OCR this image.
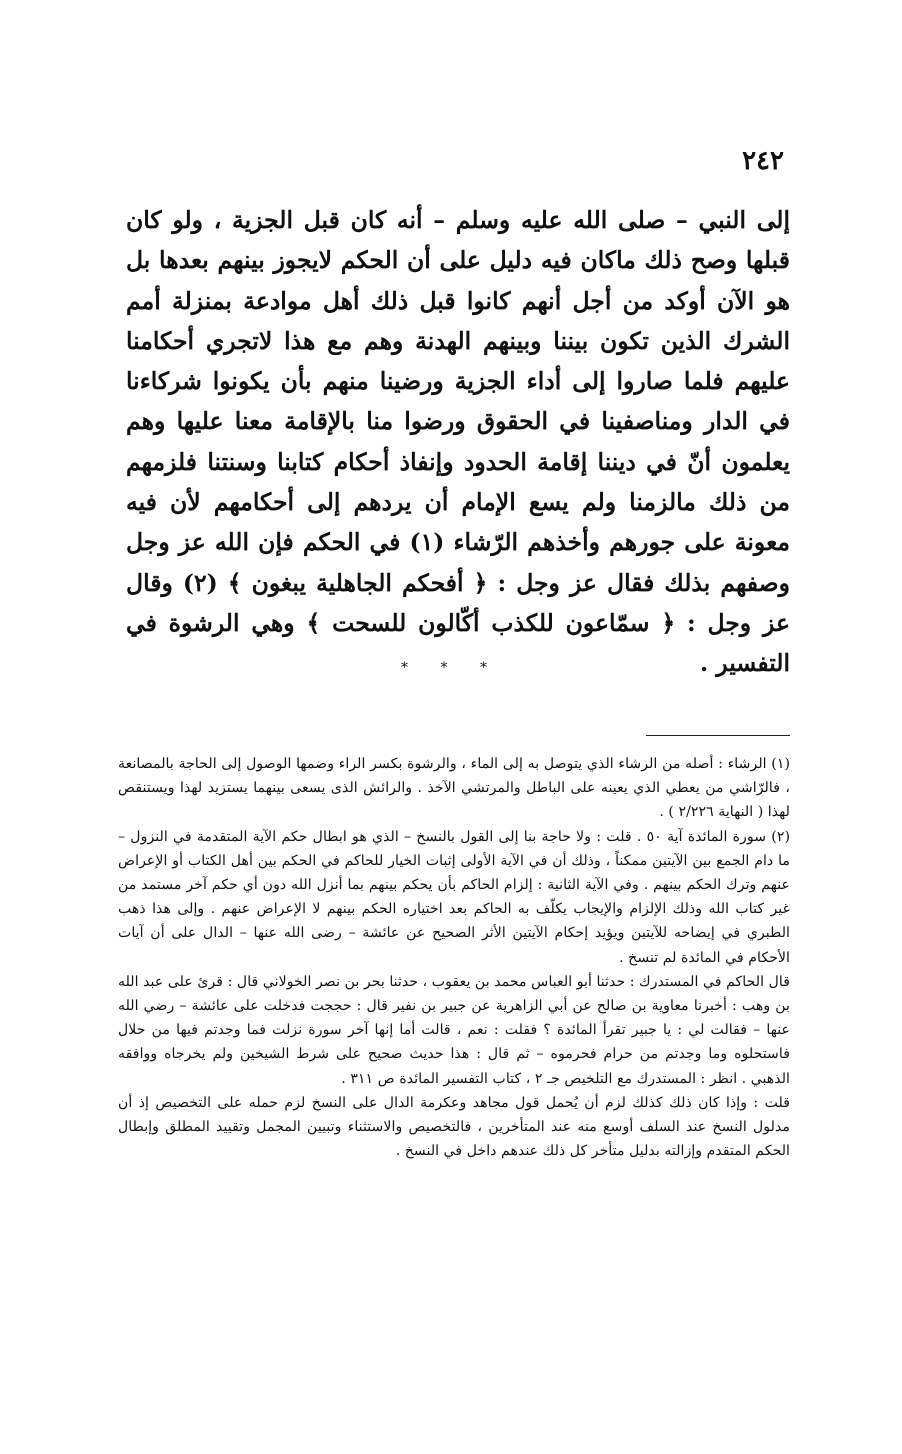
٢٤٢

إلى النبي – صلى الله عليه وسلم – أنه كان قبل الجزية ، ولو كان قبلها وصح ذلك ماكان فيه دليل على أن الحكم لايجوز بينهم بعدها بل هو الآن أوكد من أجل أنهم كانوا قبل ذلك أهل موادعة بمنزلة أمم الشرك الذين تكون بيننا وبينهم الهدنة وهم مع هذا لاتجري أحكامنا عليهم فلما صاروا إلى أداء الجزية ورضينا منهم بأن يكونوا شركاءنا في الدار ومناصفينا في الحقوق ورضوا منا بالإقامة معنا عليها وهم يعلمون أنّ في ديننا إقامة الحدود وإنفاذ أحكام كتابنا وسنتنا فلزمهم من ذلك مالزمنا ولم يسع الإمام أن يردهم إلى أحكامهم لأن فيه معونة على جورهم وأخذهم الرّشاء (١) في الحكم فإن الله عز وجل وصفهم بذلك فقال عز وجل : ﴿ أفحكم الجاهلية يبغون ﴾ (٢) وقال عز وجل : ﴿ سمّاعون للكذب أكّالون للسحت ﴾ وهي الرشوة في التفسير .

* * *

(١) الرشاء : أصله من الرشاء الذي يتوصل به إلى الماء ، والرشوة بكسر الراء وضمها الوصول إلى الحاجة بالمصانعة ، فالرّاشي من يعطي الذي يعينه على الباطل والمرتشي الآخذ . والرائش الذى يسعى بينهما يستزيد لهذا ويستنقص لهذا ( النهاية ٢/٢٢٦ ) .

(٢) سورة المائدة آية ٥٠ . قلت : ولا حاجة بنا إلى القول بالنسخ – الذي هو ابطال حكم الآية المتقدمة في النزول – ما دام الجمع بين الآيتين ممكناً ، وذلك أن في الآية الأولى إثبات الخيار للحاكم في الحكم بين أهل الكتاب أو الإعراض عنهم وترك الحكم بينهم . وفي الآية الثانية : إلزام الحاكم بأن يحكم بينهم بما أنزل الله دون أي حكم آخر مستمد من غير كتاب الله وذلك الإلزام والإيجاب يكلّف به الحاكم بعد اختياره الحكم بينهم لا الإعراض عنهم . وإلى هذا ذهب الطبري في إيضاحه للآيتين ويؤيد إحكام الآيتين الأثر الصحيح عن عائشة – رضى الله عنها – الدال على أن آيات الأحكام في المائدة لم تنسخ .

قال الحاكم في المستدرك : حدثنا أبو العباس محمد بن يعقوب ، حدثنا بحر بن نصر الخولاني قال : قرئ على عبد الله بن وهب : أخبرنا معاوية بن صالح عن أبي الزاهرية عن جبير بن نفير قال : حججت فدخلت على عائشة – رضي الله عنها – فقالت لي : يا جبير تقرأ المائدة ؟ فقلت : نعم ، قالت أما إنها آخر سورة نزلت فما وجدتم فيها من حلال فاستحلوه وما وجدتم من حرام فحرموه – ثم قال : هذا حديث صحيح على شرط الشيخين ولم يخرجاه ووافقه الذهبي . انظر : المستدرك مع التلخيص جـ ٢ ، كتاب التفسير المائدة ص ٣١١ .

قلت : وإذا كان ذلك كذلك لزم أن يُحمل قول مجاهد وعكرمة الدال على النسخ لزم حمله على التخصيص إذ أن مدلول النسخ عند السلف أوسع منه عند المتأخرين ، فالتخصيص والاستثناء وتبيين المجمل وتقييد المطلق وإبطال الحكم المتقدم وإزالته بدليل متأخر كل ذلك عندهم داخل في النسخ .
